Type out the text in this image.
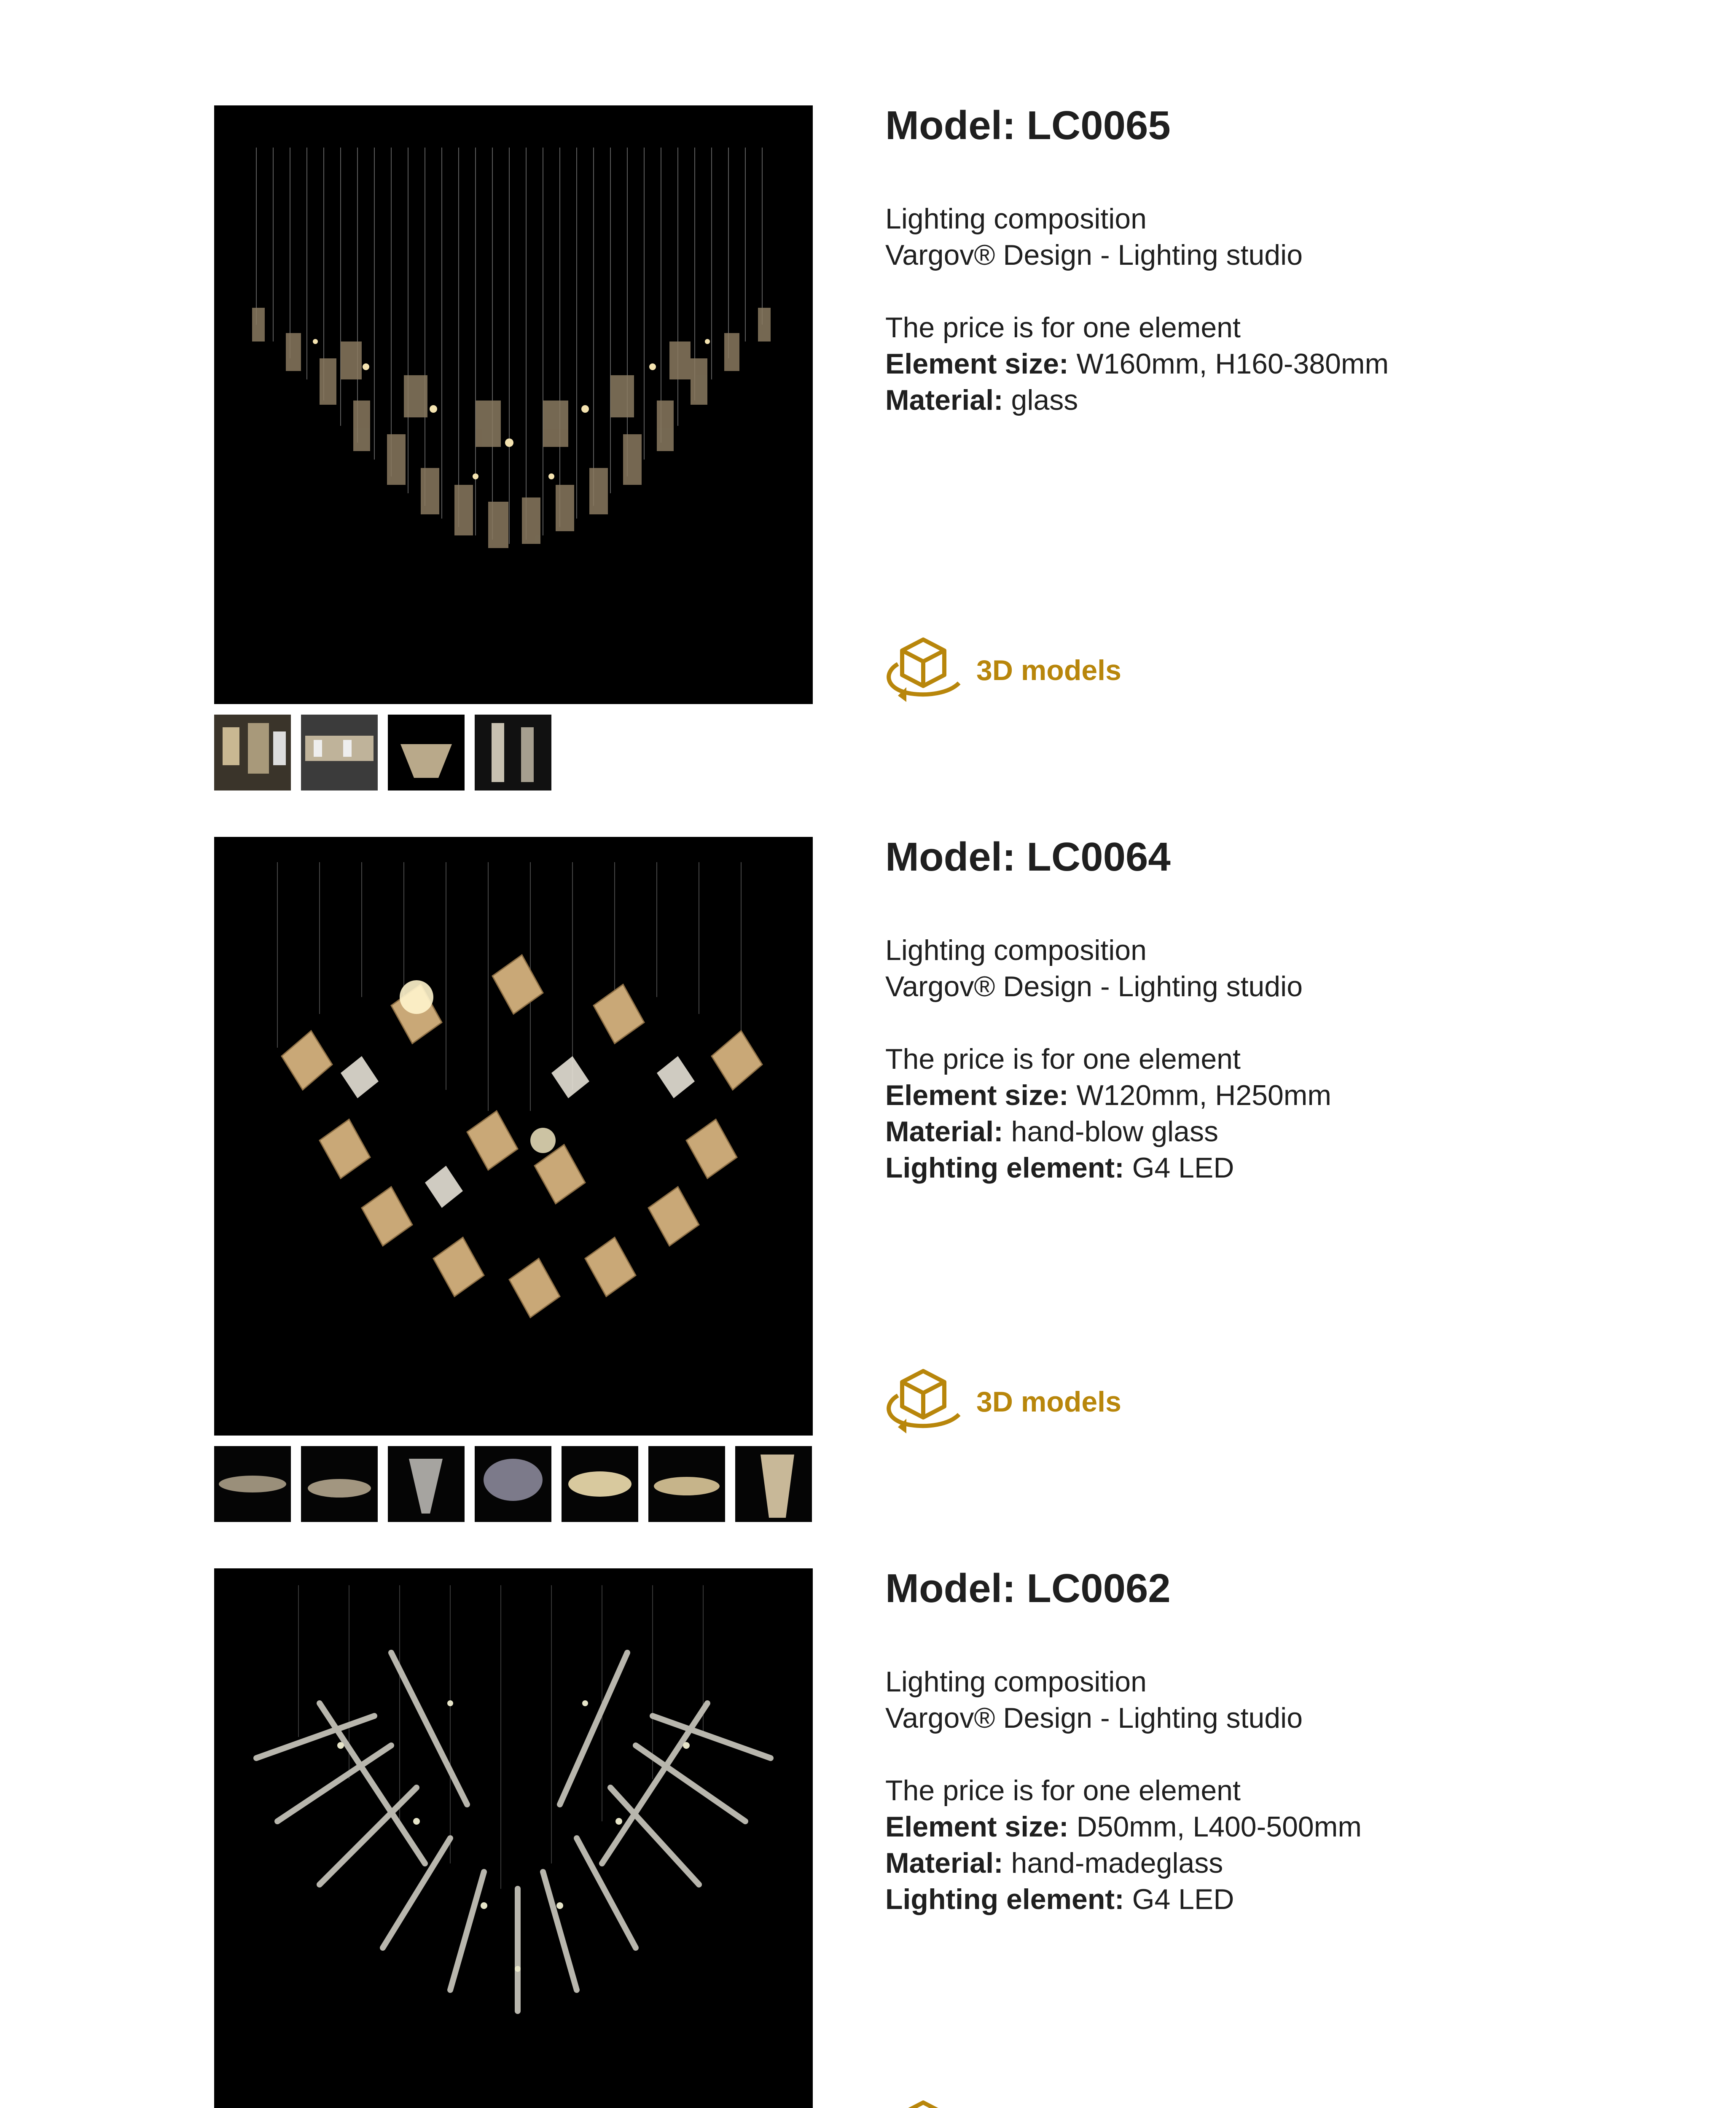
Model: LC0065
Lighting composition
Vargov® Design - Lighting studio
The price is for one element
Element size: W160mm, H160-380mm
Material: glass
3D models
Model: LC0064
Lighting composition
Vargov® Design - Lighting studio
The price is for one element
Element size: W120mm, H250mm
Material: hand-blow glass
Lighting element: G4 LED
3D models
Model: LC0062
Lighting composition
Vargov® Design - Lighting studio
The price is for one element
Element size: D50mm, L400-500mm
Material: hand-madeglass
Lighting element: G4 LED
